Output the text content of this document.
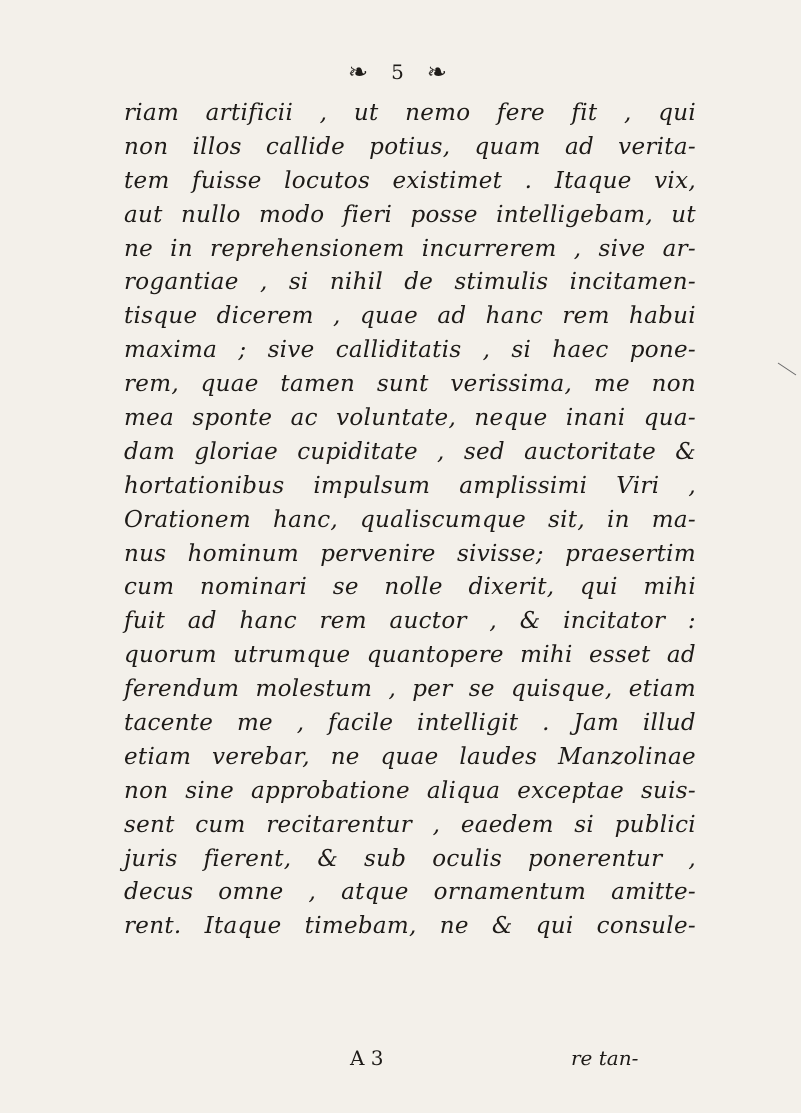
❧ 5 ❧
riam artificii , ut nemo fere fit , qui
non illos callide potius, quam ad verita-
tem fuisse locutos existimet . Itaque vix,
aut nullo modo fieri posse intelligebam, ut
ne in reprehensionem incurrerem , sive ar-
rogantiae , si nihil de stimulis incitamen-
tisque dicerem , quae ad hanc rem habui
maxima ; sive calliditatis , si haec pone-
rem, quae tamen sunt verissima, me non
mea sponte ac voluntate, neque inani qua-
dam gloriae cupiditate , sed auctoritate &
hortationibus impulsum amplissimi Viri ,
Orationem hanc, qualiscumque sit, in ma-
nus hominum pervenire sivisse; praesertim
cum nominari se nolle dixerit, qui mihi
fuit ad hanc rem auctor , & incitator :
quorum utrumque quantopere mihi esset ad
ferendum molestum , per se quisque, etiam
tacente me , facile intelligit . Jam illud
etiam verebar, ne quae laudes Manzolinae
non sine approbatione aliqua exceptae suis-
sent cum recitarentur , eaedem si publici
juris fierent, & sub oculis ponerentur ,
decus omne , atque ornamentum amitte-
rent. Itaque timebam, ne & qui consule-
A 3	re tan-
